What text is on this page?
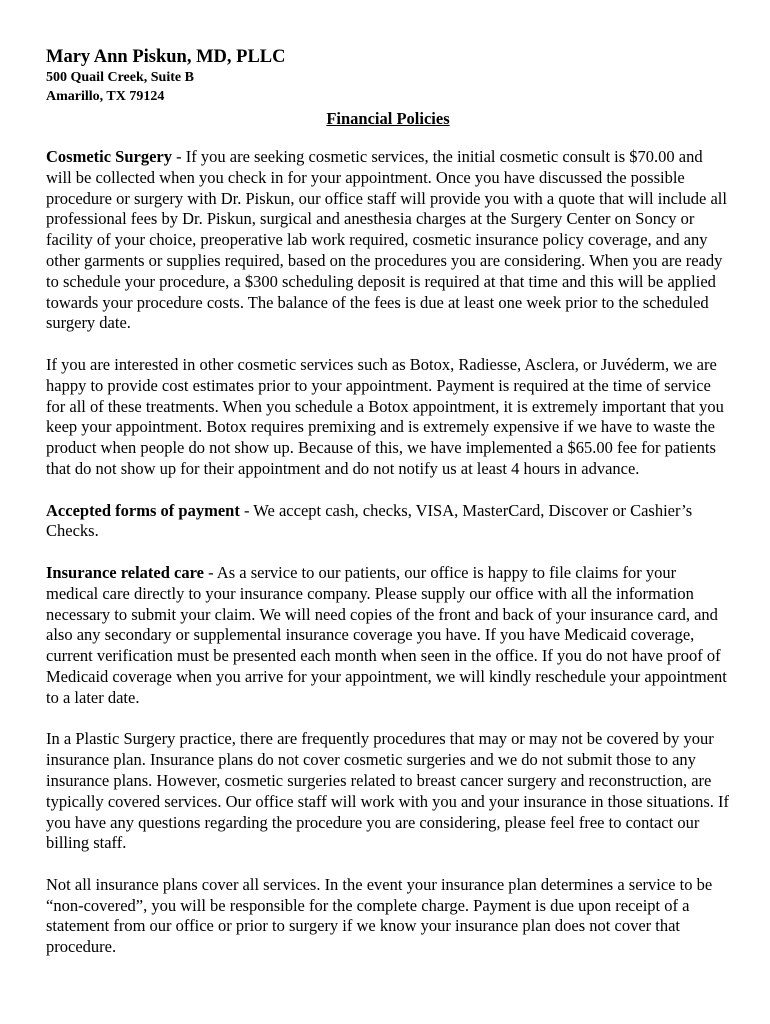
Mary Ann Piskun, MD, PLLC

500 Quail Creek, Suite B

Amarillo, TX 79124

Financial Policies

Cosmetic Surgery - If you are seeking cosmetic services, the initial cosmetic consult is $70.00 and will be collected when you check in for your appointment. Once you have discussed the possible procedure or surgery with Dr. Piskun, our office staff will provide you with a quote that will include all professional fees by Dr. Piskun, surgical and anesthesia charges at the Surgery Center on Soncy or facility of your choice, preoperative lab work required, cosmetic insurance policy coverage, and any other garments or supplies required, based on the procedures you are considering. When you are ready to schedule your procedure, a $300 scheduling deposit is required at that time and this will be applied towards your procedure costs. The balance of the fees is due at least one week prior to the scheduled surgery date.

If you are interested in other cosmetic services such as Botox, Radiesse, Asclera, or Juvéderm, we are happy to provide cost estimates prior to your appointment. Payment is required at the time of service for all of these treatments. When you schedule a Botox appointment, it is extremely important that you keep your appointment. Botox requires premixing and is extremely expensive if we have to waste the product when people do not show up. Because of this, we have implemented a $65.00 fee for patients that do not show up for their appointment and do not notify us at least 4 hours in advance.

Accepted forms of payment - We accept cash, checks, VISA, MasterCard, Discover or Cashier’s Checks.

Insurance related care - As a service to our patients, our office is happy to file claims for your medical care directly to your insurance company. Please supply our office with all the information necessary to submit your claim. We will need copies of the front and back of your insurance card, and also any secondary or supplemental insurance coverage you have. If you have Medicaid coverage, current verification must be presented each month when seen in the office. If you do not have proof of Medicaid coverage when you arrive for your appointment, we will kindly reschedule your appointment to a later date.

In a Plastic Surgery practice, there are frequently procedures that may or may not be covered by your insurance plan. Insurance plans do not cover cosmetic surgeries and we do not submit those to any insurance plans. However, cosmetic surgeries related to breast cancer surgery and reconstruction, are typically covered services. Our office staff will work with you and your insurance in those situations. If you have any questions regarding the procedure you are considering, please feel free to contact our billing staff.

Not all insurance plans cover all services. In the event your insurance plan determines a service to be “non-covered”, you will be responsible for the complete charge. Payment is due upon receipt of a statement from our office or prior to surgery if we know your insurance plan does not cover that procedure.
